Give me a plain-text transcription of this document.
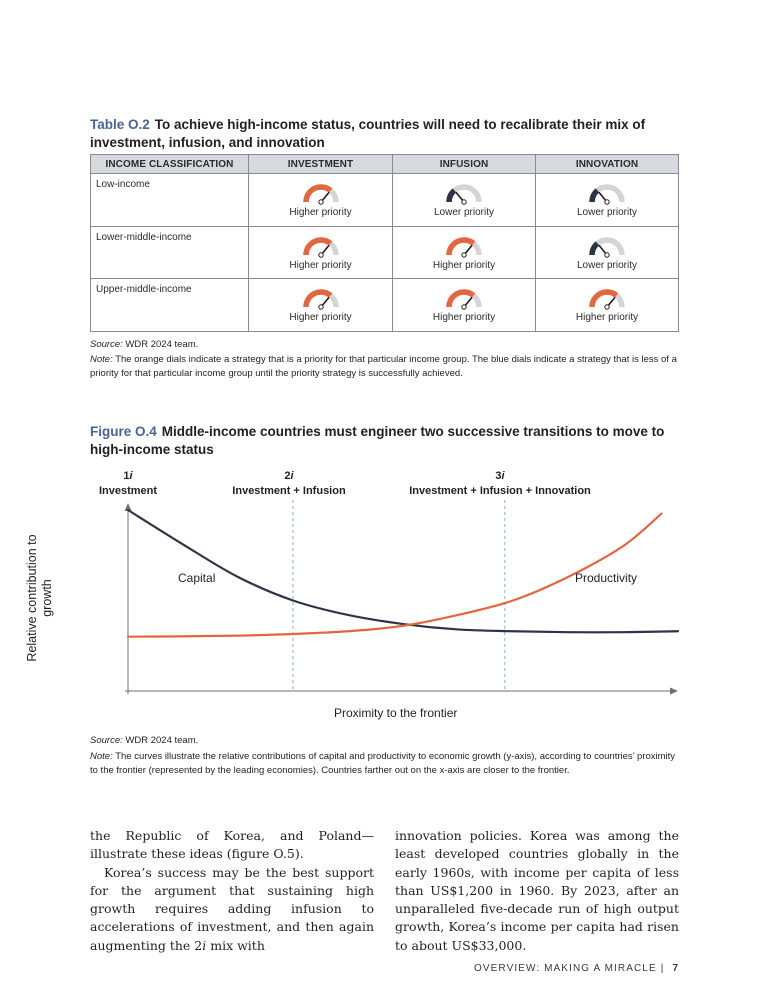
Table O.2 To achieve high-income status, countries will need to recalibrate their mix of investment, infusion, and innovation
INCOME CLASSIFICATION	INVESTMENT	INFUSION	INNOVATION
Low-income	Higher priority	Lower priority	Lower priority

Lower-middle-income	Higher priority	Higher priority	Lower priority

Upper-middle-income	Higher priority	Higher priority	Higher priority
Source: WDR 2024 team.
Note: The orange dials indicate a strategy that is a priority for that particular income group. The blue dials indicate a strategy that is less of a priority for that particular income group until the priority strategy is successfully achieved.
Figure O.4 Middle-income countries must engineer two successive transitions to move to high-income status
1i
Investment
2i
Investment + Infusion
3i
Investment + Infusion + Innovation
Capital	Productivity
Proximity to the frontier
Relative contribution to growth
Source: WDR 2024 team.
Note: The curves illustrate the relative contributions of capital and productivity to economic growth (y-axis), according to countries’ proximity to the frontier (represented by the leading economies). Countries farther out on the x-axis are closer to the frontier.

the Republic of Korea, and Poland—illustrate these ideas (figure O.5).

Korea’s success may be the best support for the argument that sustaining high growth requires adding infusion to accelerations of investment, and then again augmenting the 2i mix with

innovation policies. Korea was among the least developed countries globally in the early 1960s, with income per capita of less than US$1,200 in 1960. By 2023, after an unparalleled five-decade run of high output growth, Korea’s income per capita had risen to about US$33,000.

OVERVIEW: MAKING A MIRACLE | 7
